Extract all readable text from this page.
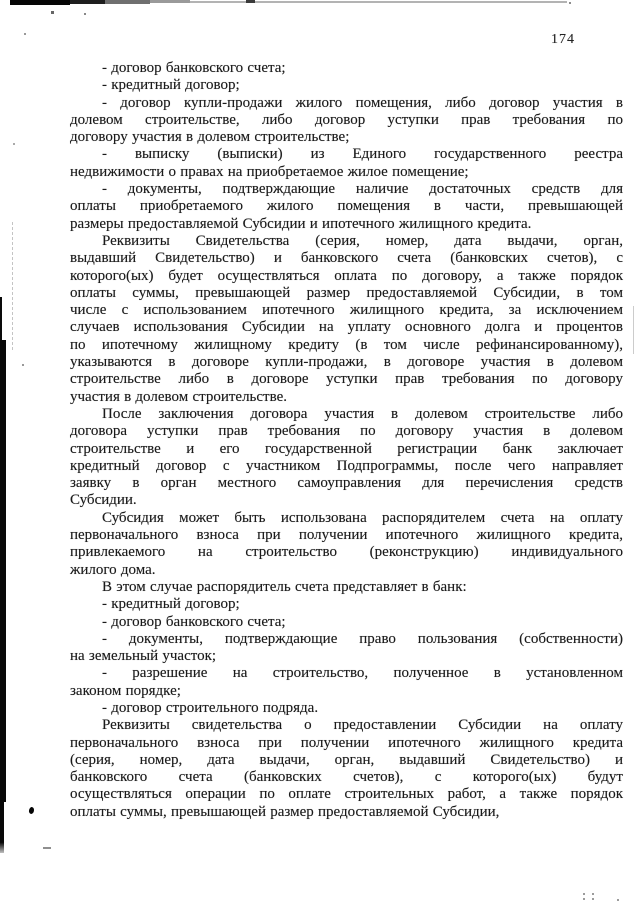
174
- договор банковского счета;
- кредитный договор;
- договор купли-продажи жилого помещения, либо договор участия в
долевом строительстве, либо договор уступки прав требования по
договору участия в долевом строительстве;
- выписку (выписки) из Единого государственного реестра
недвижимости о правах на приобретаемое жилое помещение;
- документы, подтверждающие наличие достаточных средств для
оплаты приобретаемого жилого помещения в части, превышающей
размеры предоставляемой Субсидии и ипотечного жилищного кредита.
Реквизиты Свидетельства (серия, номер, дата выдачи, орган,
выдавший Свидетельство) и банковского счета (банковских счетов), с
которого(ых) будет осуществляться оплата по договору, а также порядок
оплаты суммы, превышающей размер предоставляемой Субсидии, в том
числе с использованием ипотечного жилищного кредита, за исключением
случаев использования Субсидии на уплату основного долга и процентов
по ипотечному жилищному кредиту (в том числе рефинансированному),
указываются в договоре купли-продажи, в договоре участия в долевом
строительстве либо в договоре уступки прав требования по договору
участия в долевом строительстве.
После заключения договора участия в долевом строительстве либо
договора уступки прав требования по договору участия в долевом
строительстве и его государственной регистрации банк заключает
кредитный договор с участником Подпрограммы, после чего направляет
заявку в орган местного самоуправления для перечисления средств
Субсидии.
Субсидия может быть использована распорядителем счета на оплату
первоначального взноса при получении ипотечного жилищного кредита,
привлекаемого на строительство (реконструкцию) индивидуального
жилого дома.
В этом случае распорядитель счета представляет в банк:
- кредитный договор;
- договор банковского счета;
- документы, подтверждающие право пользования (собственности)
на земельный участок;
- разрешение на строительство, полученное в установленном
законом порядке;
- договор строительного подряда.
Реквизиты свидетельства о предоставлении Субсидии на оплату
первоначального взноса при получении ипотечного жилищного кредита
(серия, номер, дата выдачи, орган, выдавший Свидетельство) и
банковского счета (банковских счетов), с которого(ых) будут
осуществляться операции по оплате строительных работ, а также порядок
оплаты суммы, превышающей размер предоставляемой Субсидии,
